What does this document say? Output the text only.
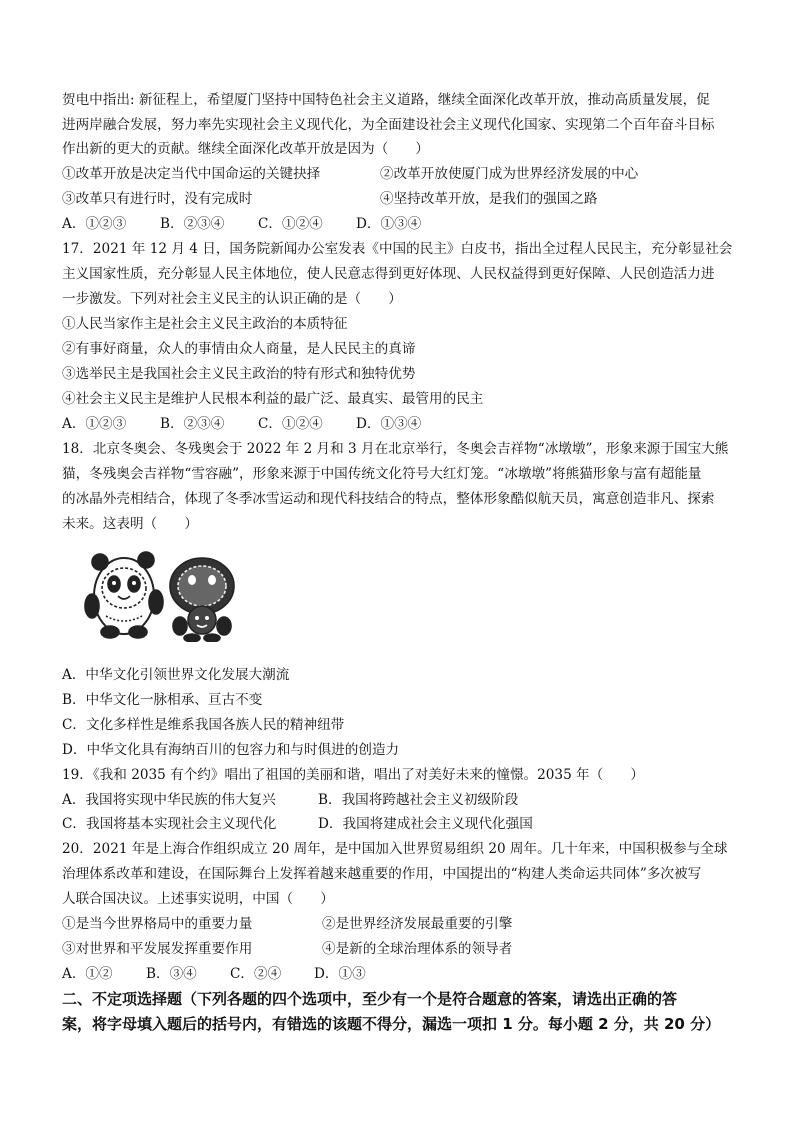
贺电中指出: 新征程上，希望厦门坚持中国特色社会主义道路，继续全面深化改革开放，推动高质量发展，促
进两岸融合发展，努力率先实现社会主义现代化，为全面建设社会主义现代化国家、实现第二个百年奋斗目标
作出新的更大的贡献。继续全面深化改革开放是因为（　　）
①改革开放是决定当代中国命运的关键抉择	②改革开放使厦门成为世界经济发展的中心
③改革只有进行时，没有完成时	④坚持改革开放，是我们的强国之路
A．①②③ B．②③④ C．①②④ D．①③④
17．2021 年 12 月 4 日，国务院新闻办公室发表《中国的民主》白皮书，指出全过程人民民主，充分彰显社会
主义国家性质，充分彰显人民主体地位，使人民意志得到更好体现、人民权益得到更好保障、人民创造活力进
一步激发。下列对社会主义民主的认识正确的是（　　）
①人民当家作主是社会主义民主政治的本质特征
②有事好商量，众人的事情由众人商量，是人民民主的真谛
③选举民主是我国社会主义民主政治的特有形式和独特优势
④社会主义民主是维护人民根本利益的最广泛、最真实、最管用的民主
A．①②③ B．②③④ C．①②④ D．①③④
18．北京冬奥会、冬残奥会于 2022 年 2 月和 3 月在北京举行，冬奥会吉祥物“冰墩墩”，形象来源于国宝大熊
猫，冬残奥会吉祥物“雪容融”，形象来源于中国传统文化符号大红灯笼。“冰墩墩”将熊猫形象与富有超能量
的冰晶外壳相结合，体现了冬季冰雪运动和现代科技结合的特点，整体形象酷似航天员，寓意创造非凡、探索
未来。这表明（　　）
A．中华文化引领世界文化发展大潮流
B．中华文化一脉相承、亘古不变
C．文化多样性是维系我国各族人民的精神纽带
D．中华文化具有海纳百川的包容力和与时俱进的创造力
19．《我和 2035 有个约》唱出了祖国的美丽和谐，唱出了对美好未来的憧憬。2035 年（　　）
A．我国将实现中华民族的伟大复兴	B．我国将跨越社会主义初级阶段
C．我国将基本实现社会主义现代化	D．我国将建成社会主义现代化强国
20．2021 年是上海合作组织成立 20 周年，是中国加入世界贸易组织 20 周年。几十年来，中国积极参与全球
治理体系改革和建设，在国际舞台上发挥着越来越重要的作用，中国提出的“构建人类命运共同体”多次被写
人联合国决议。上述事实说明，中国（　　）
①是当今世界格局中的重要力量	②是世界经济发展最重要的引擎
③对世界和平发展发挥重要作用	④是新的全球治理体系的领导者
A．①② B．③④ C．②④ D．①③
二、不定项选择题（下列各题的四个选项中，至少有一个是符合题意的答案，请选出正确的答
案，将字母填入题后的括号内，有错选的该题不得分，漏选一项扣 1 分。每小题 2 分，共 20 分）
